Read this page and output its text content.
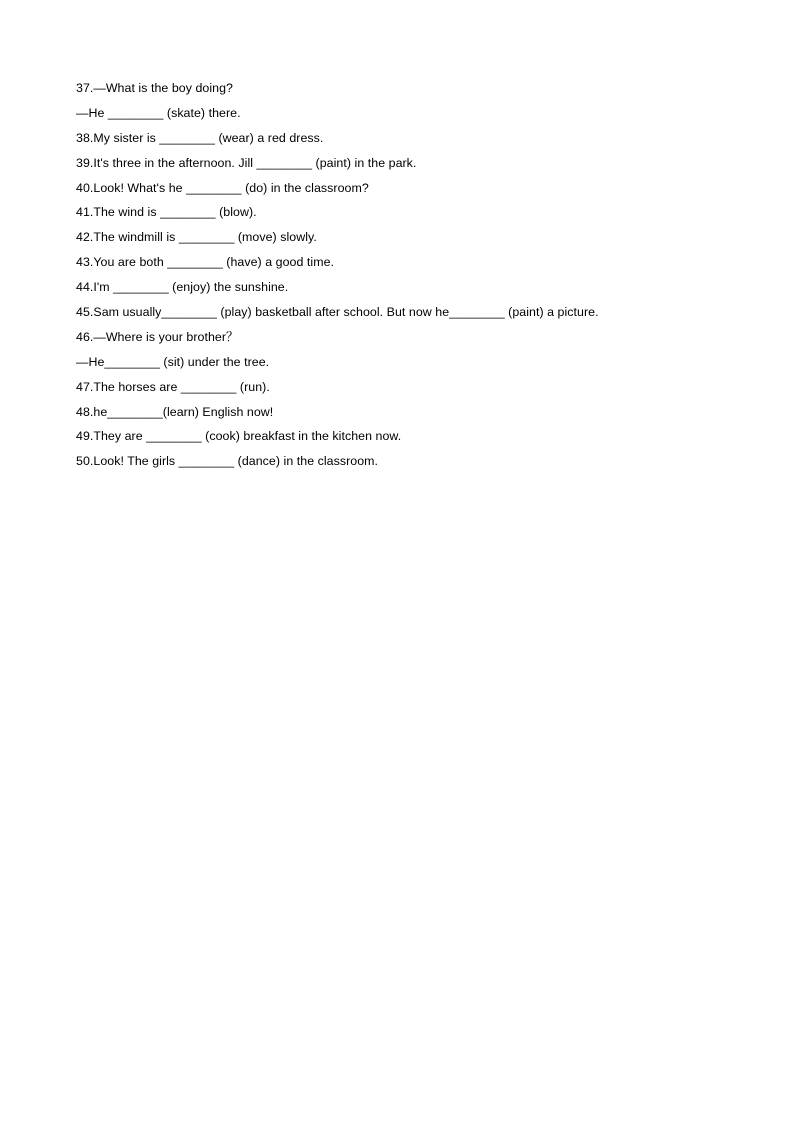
37.—What is the boy doing?
—He ________ (skate) there.
38.My sister is ________ (wear) a red dress.
39.It's three in the afternoon. Jill ________ (paint) in the park.
40.Look! What's he ________ (do) in the classroom?
41.The wind is ________ (blow).
42.The windmill is ________ (move) slowly.
43.You are both ________ (have) a good time.
44.I'm ________ (enjoy) the sunshine.
45.Sam usually________ (play) basketball after school. But now he________ (paint) a picture.
46.—Where is your brother？
—He________ (sit) under the tree.
47.The horses are ________ (run).
48.he________(learn) English now!
49.They are ________ (cook) breakfast in the kitchen now.
50.Look! The girls ________ (dance) in the classroom.
